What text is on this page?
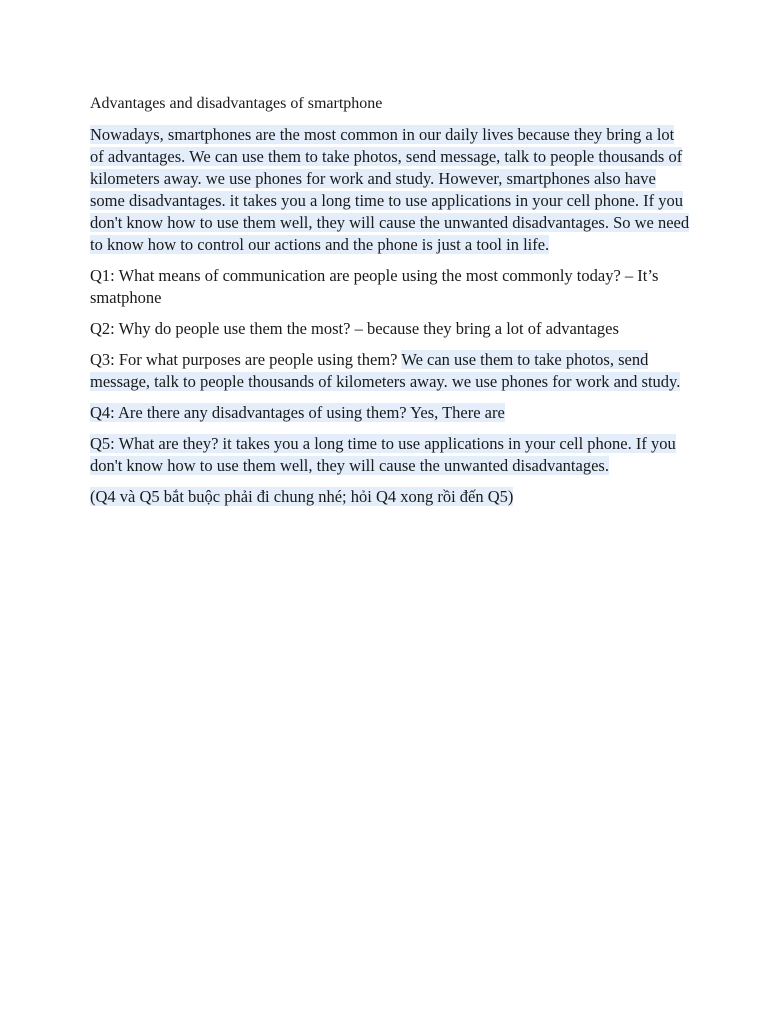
Advantages and disadvantages of smartphone

Nowadays, smartphones are the most common in our daily lives because they bring a lot of advantages. We can use them to take photos, send message, talk to people thousands of kilometers away. we use phones for work and study. However, smartphones also have some disadvantages. it takes you a long time to use applications in your cell phone. If you don't know how to use them well, they will cause the unwanted disadvantages. So we need to know how to control our actions and the phone is just a tool in life.

Q1: What means of communication are people using the most commonly today? – It’s smatphone

Q2: Why do people use them the most? – because they bring a lot of advantages

Q3: For what purposes are people using them? We can use them to take photos, send message, talk to people thousands of kilometers away. we use phones for work and study.

Q4: Are there any disadvantages of using them? Yes, There are

Q5: What are they? it takes you a long time to use applications in your cell phone. If you don't know how to use them well, they will cause the unwanted disadvantages.

(Q4 và Q5 bắt buộc phải đi chung nhé; hỏi Q4 xong rồi đến Q5)
